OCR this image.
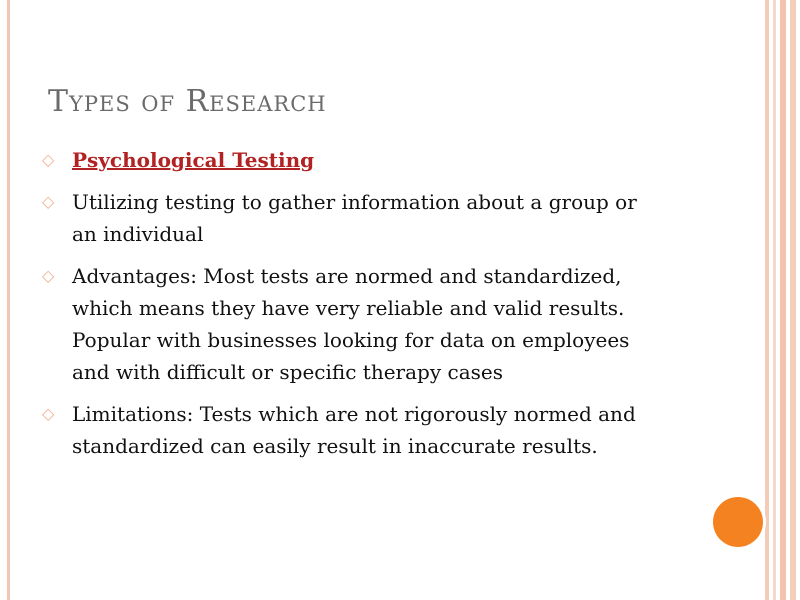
Types of Research
◇ Psychological Testing
◇ Utilizing testing to gather information about a group or an individual
◇ Advantages: Most tests are normed and standardized, which means they have very reliable and valid results. Popular with businesses looking for data on employees and with difficult or specific therapy cases
◇ Limitations: Tests which are not rigorously normed and standardized can easily result in inaccurate results.
